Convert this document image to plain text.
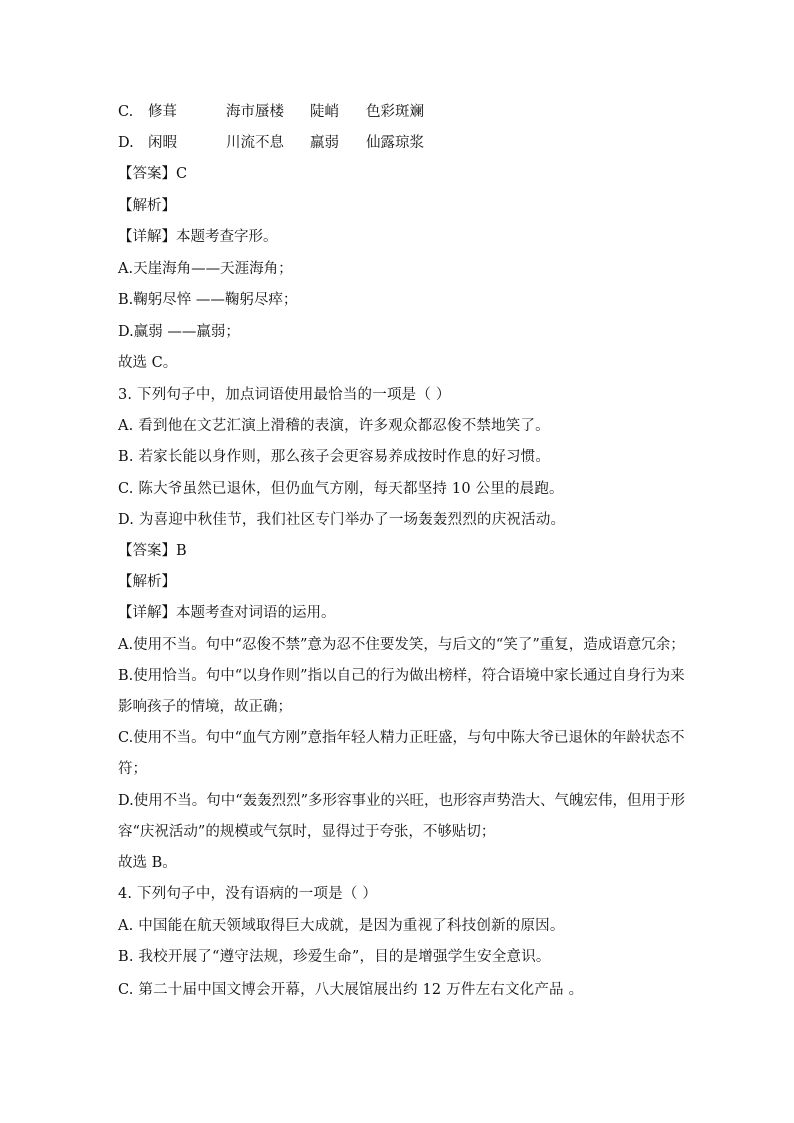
C. 修葺	海市蜃楼 陡峭 色彩斑斓
D. 闲暇	川流不息 羸弱 仙露琼浆
【答案】C
【解析】
【详解】本题考查字形。
A.天崖海角——天涯海角；
B.鞠躬尽悴 ——鞠躬尽瘁；
D.赢弱 ——羸弱；
故选 C。
3. 下列句子中，加点词语使用最恰当的一项是（ ）
A. 看到他在文艺汇演上滑稽的表演，许多观众都忍俊不禁地笑了。
B. 若家长能以身作则，那么孩子会更容易养成按时作息的好习惯。
C. 陈大爷虽然已退休，但仍血气方刚，每天都坚持 10 公里的晨跑。
D. 为喜迎中秋佳节，我们社区专门举办了一场轰轰烈烈的庆祝活动。
【答案】B
【解析】
【详解】本题考查对词语的运用。
A.使用不当。句中“忍俊不禁”意为忍不住要发笑，与后文的“笑了”重复，造成语意冗余；
B.使用恰当。句中“以身作则”指以自己的行为做出榜样，符合语境中家长通过自身行为来
影响孩子的情境，故正确；
C.使用不当。句中“血气方刚”意指年轻人精力正旺盛，与句中陈大爷已退休的年龄状态不
符；
D.使用不当。句中“轰轰烈烈”多形容事业的兴旺，也形容声势浩大、气魄宏伟，但用于形
容“庆祝活动”的规模或气氛时，显得过于夸张，不够贴切；
故选 B。
4. 下列句子中，没有语病的一项是（ ）
A. 中国能在航天领域取得巨大成就，是因为重视了科技创新的原因。
B. 我校开展了“遵守法规，珍爱生命”，目的是增强学生安全意识。
C. 第二十届中国文博会开幕，八大展馆展出约 12 万件左右文化产品 。
